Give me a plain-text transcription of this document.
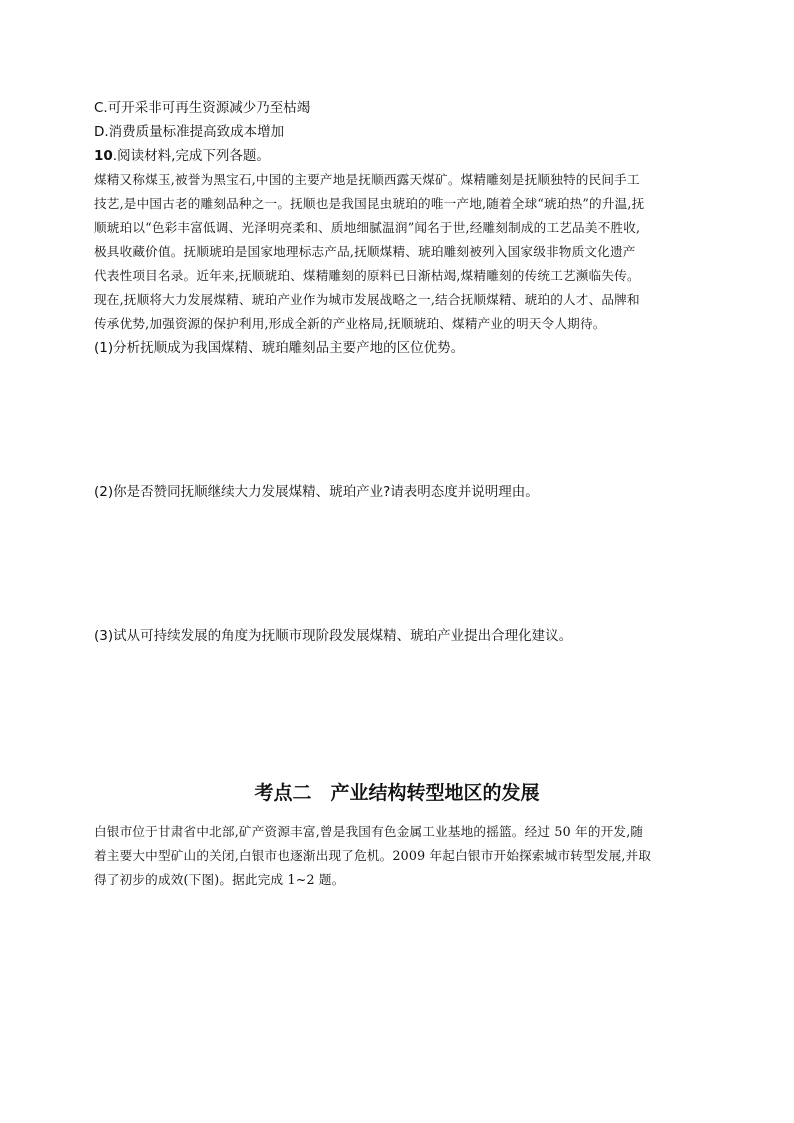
C.可开采非可再生资源减少乃至枯竭
D.消费质量标准提高致成本增加
10.阅读材料,完成下列各题。
煤精又称煤玉,被誉为黑宝石,中国的主要产地是抚顺西露天煤矿。煤精雕刻是抚顺独特的民间手工
技艺,是中国古老的雕刻品种之一。抚顺也是我国昆虫琥珀的唯一产地,随着全球“琥珀热”的升温,抚
顺琥珀以“色彩丰富低调、光泽明亮柔和、质地细腻温润”闻名于世,经雕刻制成的工艺品美不胜收,
极具收藏价值。抚顺琥珀是国家地理标志产品,抚顺煤精、琥珀雕刻被列入国家级非物质文化遗产
代表性项目名录。近年来,抚顺琥珀、煤精雕刻的原料已日渐枯竭,煤精雕刻的传统工艺濒临失传。
现在,抚顺将大力发展煤精、琥珀产业作为城市发展战略之一,结合抚顺煤精、琥珀的人才、品牌和
传承优势,加强资源的保护利用,形成全新的产业格局,抚顺琥珀、煤精产业的明天令人期待。
(1)分析抚顺成为我国煤精、琥珀雕刻品主要产地的区位优势。
(2)你是否赞同抚顺继续大力发展煤精、琥珀产业?请表明态度并说明理由。
(3)试从可持续发展的角度为抚顺市现阶段发展煤精、琥珀产业提出合理化建议。
考点二　产业结构转型地区的发展
白银市位于甘肃省中北部,矿产资源丰富,曾是我国有色金属工业基地的摇篮。经过 50 年的开发,随
着主要大中型矿山的关闭,白银市也逐渐出现了危机。2009 年起白银市开始探索城市转型发展,并取
得了初步的成效(下图)。据此完成 1~2 题。
